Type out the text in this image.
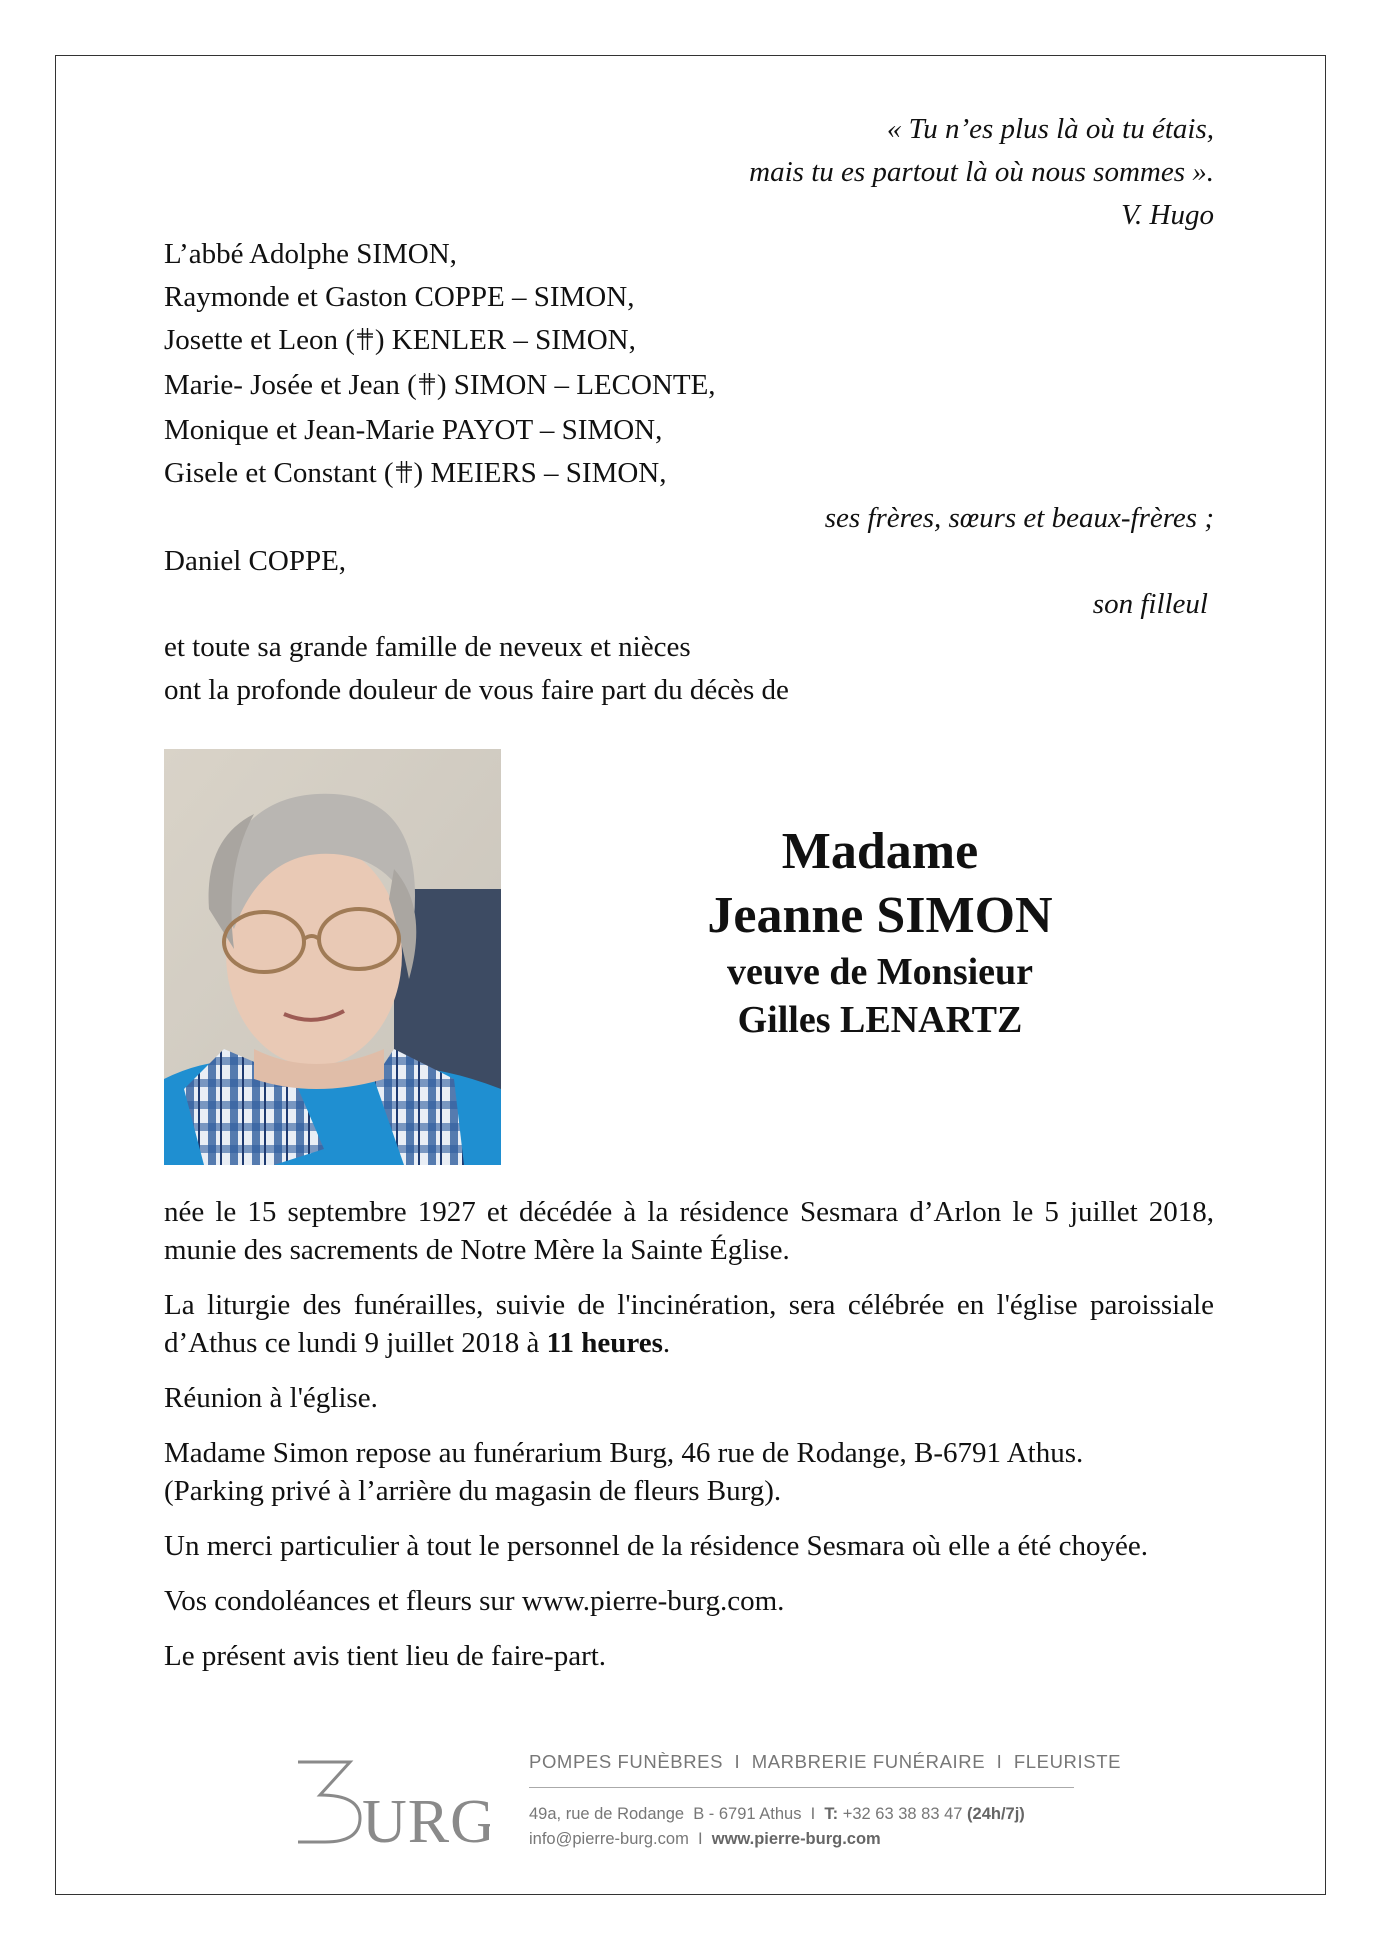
« Tu n’es plus là où tu étais,
mais tu es partout là où nous sommes ».
V. Hugo
L’abbé Adolphe SIMON,
Raymonde et Gaston COPPE – SIMON,
Josette et Leon ( ) KENLER – SIMON,
Marie- Josée et Jean ( ) SIMON – LECONTE,
Monique et Jean-Marie PAYOT – SIMON,
Gisele et Constant ( ) MEIERS – SIMON,
ses frères, sœurs et beaux-frères ;
Daniel COPPE,
son filleul
et toute sa grande famille de neveux et nièces
ont la profonde douleur de vous faire part du décès de
Madame
Jeanne SIMON
veuve de Monsieur
Gilles LENARTZ

née le 15 septembre 1927 et décédée à la résidence Sesmara d’Arlon le 5 juillet 2018, munie des sacrements de Notre Mère la Sainte Église.

La liturgie des funérailles, suivie de l'incinération, sera célébrée en l'église paroissiale d’Athus ce lundi 9 juillet 2018 à 11 heures.

Réunion à l'église.

Madame Simon repose au funérarium Burg, 46 rue de Rodange, B-6791 Athus.
(Parking privé à l’arrière du magasin de fleurs Burg).

Un merci particulier à tout le personnel de la résidence Sesmara où elle a été choyée.

Vos condoléances et fleurs sur www.pierre-burg.com.

Le présent avis tient lieu de faire-part.

URG
POMPES FUNÈBRES  I  MARBRERIE FUNÉRAIRE  I  FLEURISTE
49a, rue de Rodange  B - 6791 Athus  I  T: +32 63 38 83 47 (24h/7j)
info@pierre-burg.com  I  www.pierre-burg.com
